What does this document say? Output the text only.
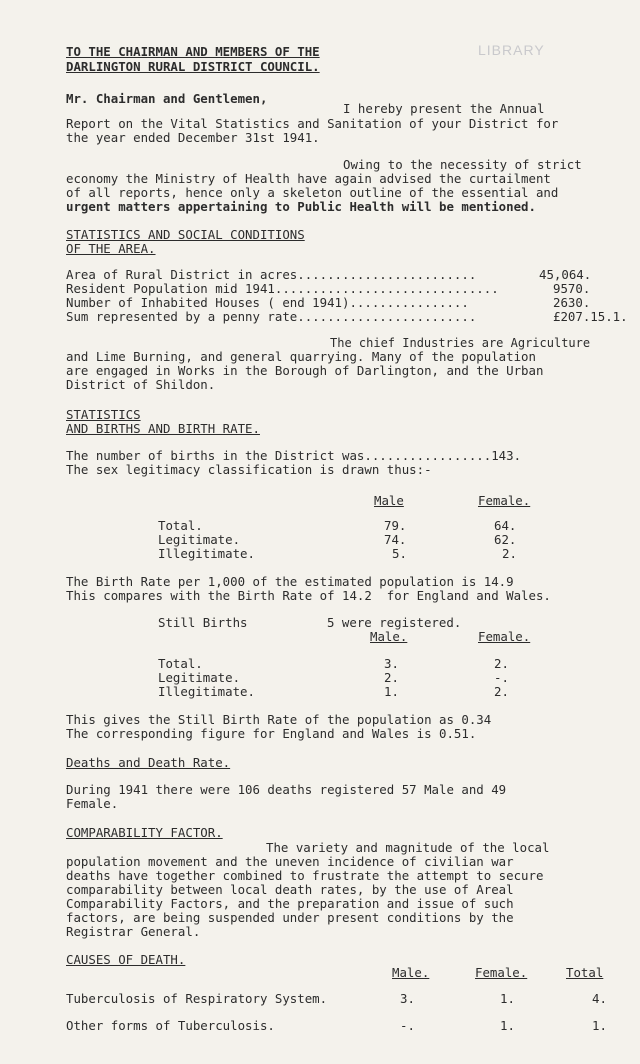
LIBRARY
TO THE CHAIRMAN AND MEMBERS OF THE
DARLINGTON RURAL DISTRICT COUNCIL.
Mr. Chairman and Gentlemen,
I hereby present the Annual
Report on the Vital Statistics and Sanitation of your District for
the year ended December 31st 1941.
Owing to the necessity of strict
economy the Ministry of Health have again advised the curtailment
of all reports, hence only a skeleton outline of the essential and
urgent matters appertaining to Public Health will be mentioned.
STATISTICS AND SOCIAL CONDITIONS
OF THE AREA.
Area of Rural District in acres........................	45,064.
Resident Population mid 1941..............................	9570.
Number of Inhabited Houses ( end 1941)................	2630.
Sum represented by a penny rate........................	£207.15.1.
The chief Industries are Agriculture
and Lime Burning, and general quarrying. Many of the population
are engaged in Works in the Borough of Darlington, and the Urban
District of Shildon.
STATISTICS
AND BIRTHS AND BIRTH RATE.
The number of births in the District was.................143.
The sex legitimacy classification is drawn thus:-
Male	Female.
Total.	79.	64.
Legitimate.	74.	62.
Illegitimate.	5.	2.
The Birth Rate per 1,000 of the estimated population is 14.9
This compares with the Birth Rate of 14.2  for England and Wales.
Still Births	5 were registered.
Male.	Female.
Total.	3.	2.
Legitimate.	2.	-.
Illegitimate.	1.	2.
This gives the Still Birth Rate of the population as 0.34
The corresponding figure for England and Wales is 0.51.
Deaths and Death Rate.
During 1941 there were 106 deaths registered 57 Male and 49
Female.
COMPARABILITY FACTOR.
The variety and magnitude of the local
population movement and the uneven incidence of civilian war
deaths have together combined to frustrate the attempt to secure
comparability between local death rates, by the use of Areal
Comparability Factors, and the preparation and issue of such
factors, are being suspended under present conditions by the
Registrar General.
CAUSES OF DEATH.
Male.	Female.	Total
Tuberculosis of Respiratory System.	3.	1.	4.
Other forms of Tuberculosis.	-.	1.	1.
